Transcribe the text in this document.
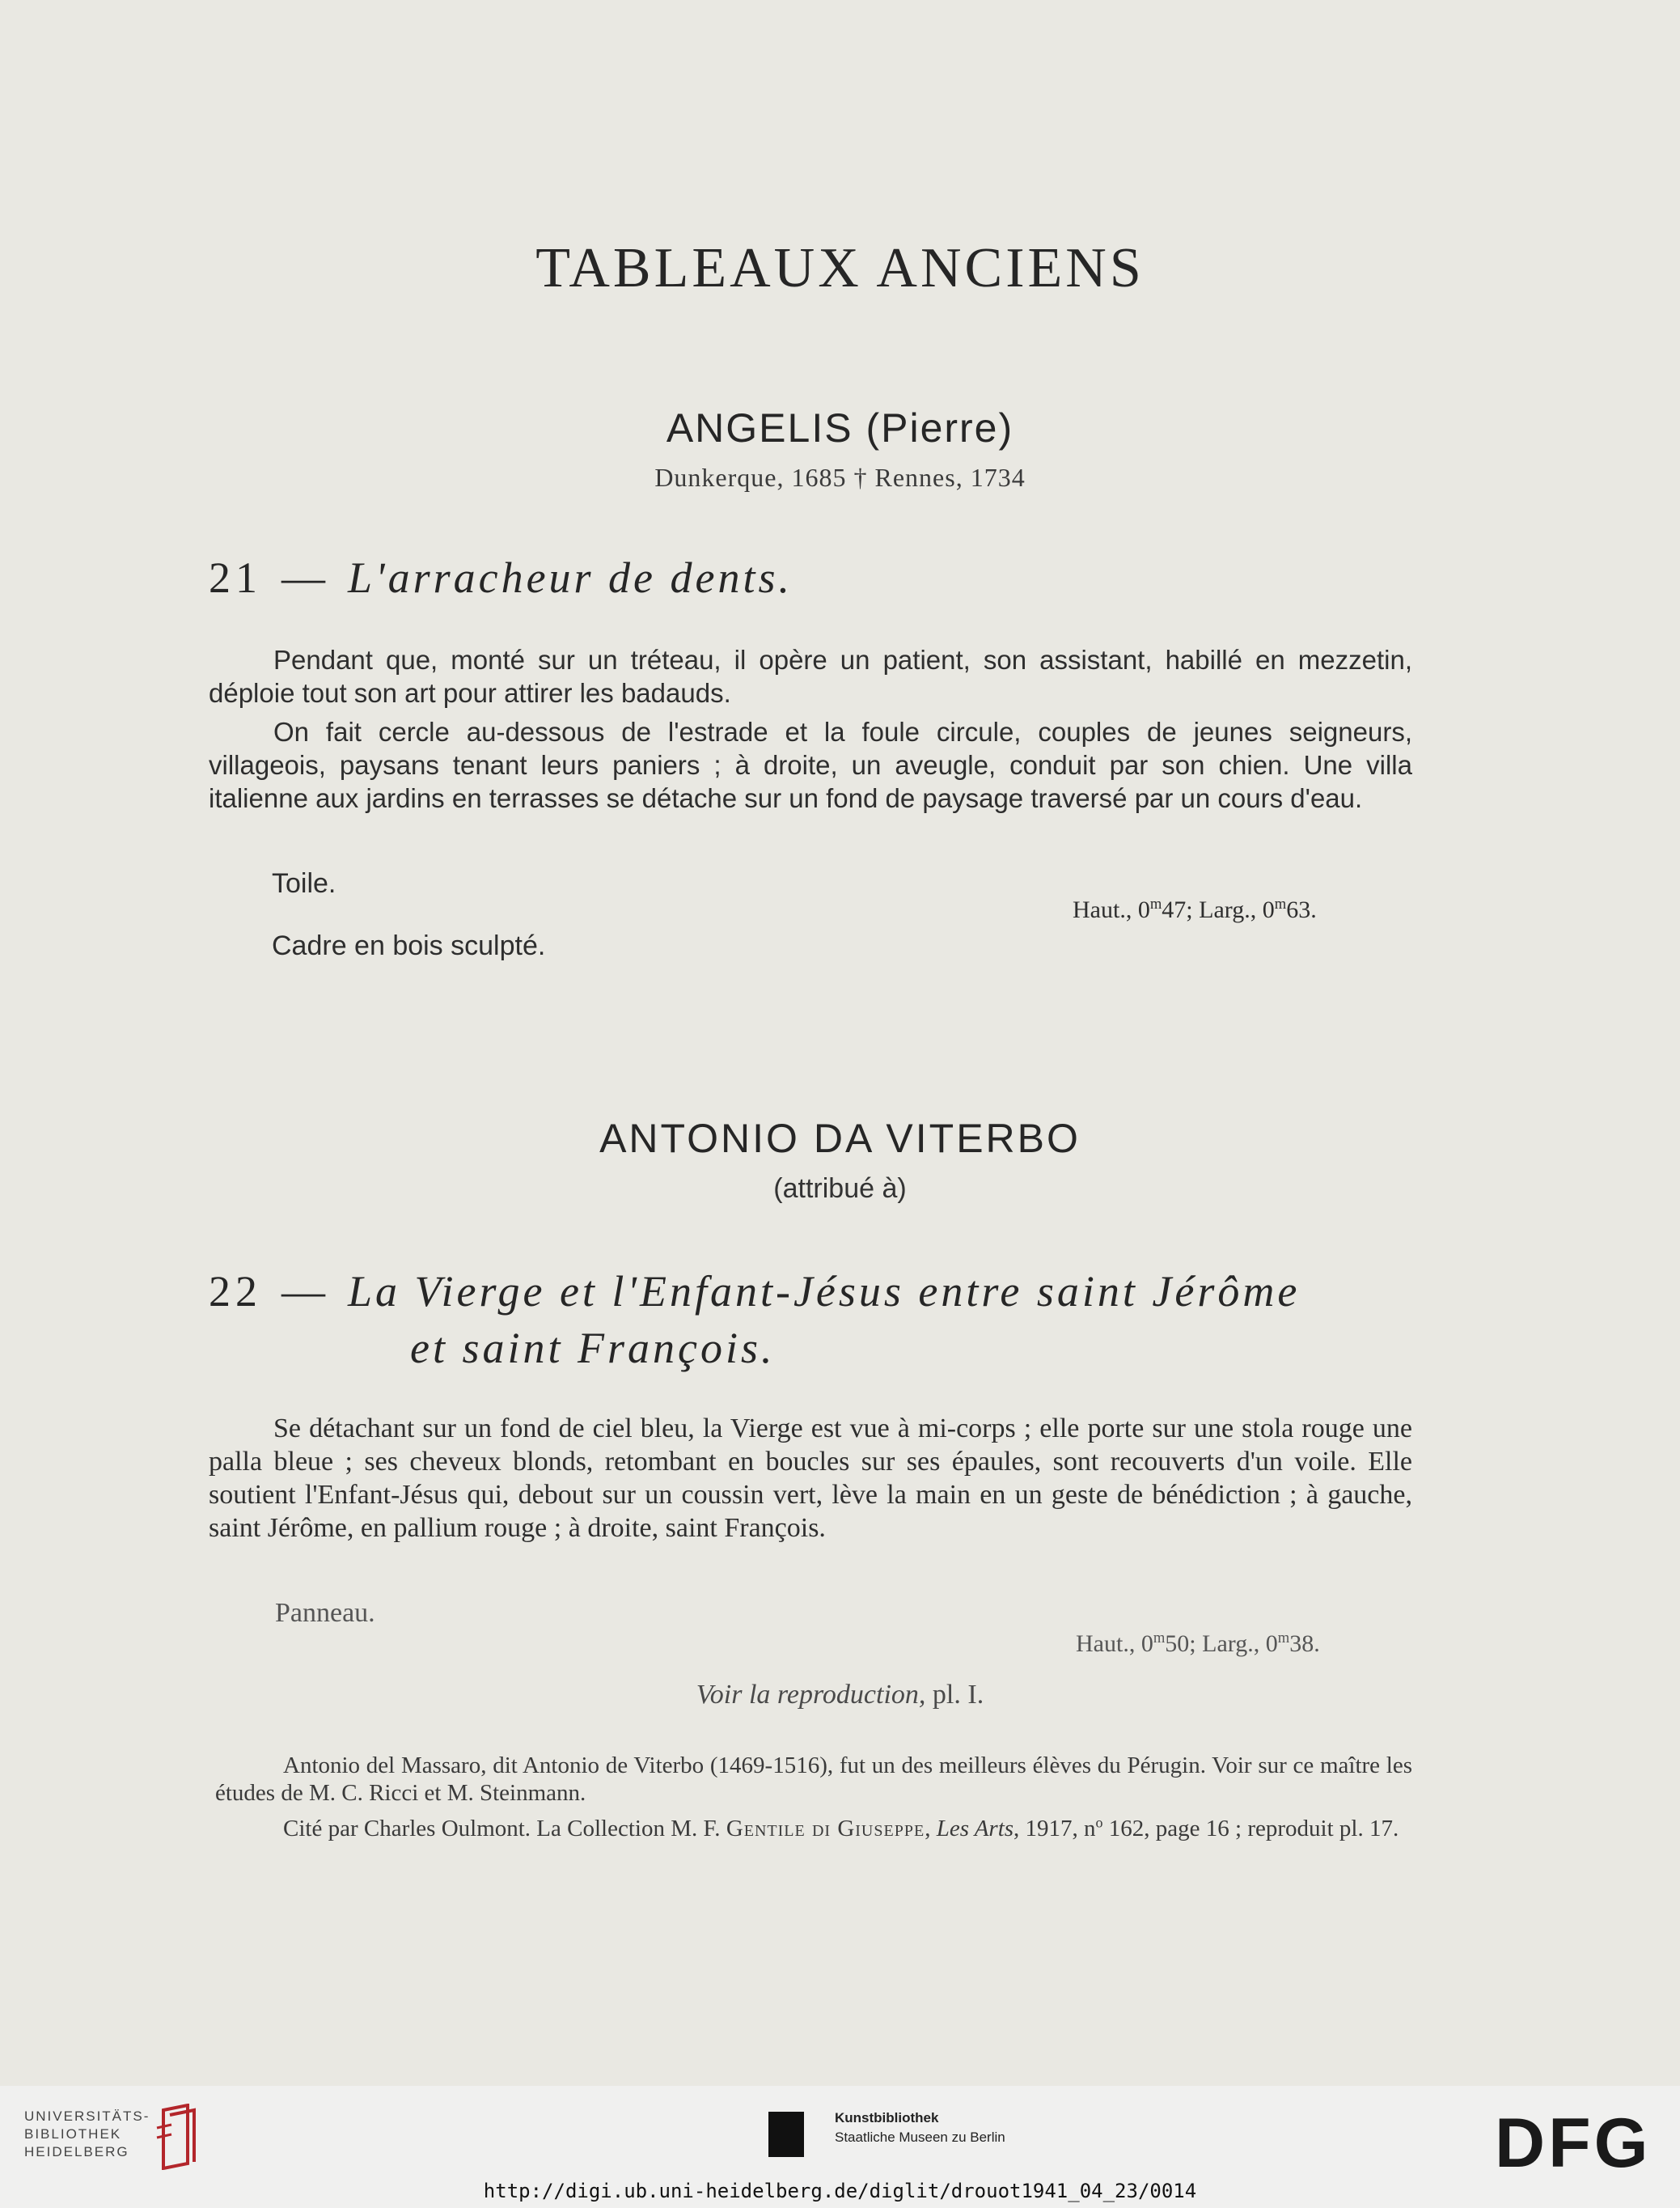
TABLEAUX ANCIENS
ANGELIS (Pierre)
Dunkerque, 1685 † Rennes, 1734
21 — L'arracheur de dents.
Pendant que, monté sur un tréteau, il opère un patient, son assistant, habillé en mezzetin, déploie tout son art pour attirer les badauds.
On fait cercle au-dessous de l'estrade et la foule circule, couples de jeunes seigneurs, villageois, paysans tenant leurs paniers ; à droite, un aveugle, conduit par son chien. Une villa italienne aux jardins en terrasses se détache sur un fond de paysage traversé par un cours d'eau.
Toile.
Haut., 0$^m$47; Larg., 0$^m$63.
Cadre en bois sculpté.
ANTONIO DA VITERBO
(attribué à)
22 — La Vierge et l'Enfant-Jésus entre saint Jérôme
et saint François.
Se détachant sur un fond de ciel bleu, la Vierge est vue à mi-corps ; elle porte sur une stola rouge une palla bleue ; ses cheveux blonds, retombant en boucles sur ses épaules, sont recouverts d'un voile. Elle soutient l'Enfant-Jésus qui, debout sur un coussin vert, lève la main en un geste de bénédiction ; à gauche, saint Jérôme, en pallium rouge ; à droite, saint François.
Panneau.
Haut., 0$^m$50; Larg., 0$^m$38.
Voir la reproduction, pl. I.
Antonio del Massaro, dit Antonio de Viterbo (1469-1516), fut un des meilleurs élèves du Pérugin. Voir sur ce maître les études de M. C. Ricci et M. Steinmann.
Cité par Charles Oulmont. La Collection M. F. Gentile di Giuseppe, Les Arts, 1917, $n^o$ 162, page 16 ; reproduit pl. 17.
UNIVERSITÄTS-
BIBLIOTHEK
HEIDELBERG
Kunstbibliothek
Staatliche Museen zu Berlin	DFG
http://digi.ub.uni-heidelberg.de/diglit/drouot1941_04_23/0014
